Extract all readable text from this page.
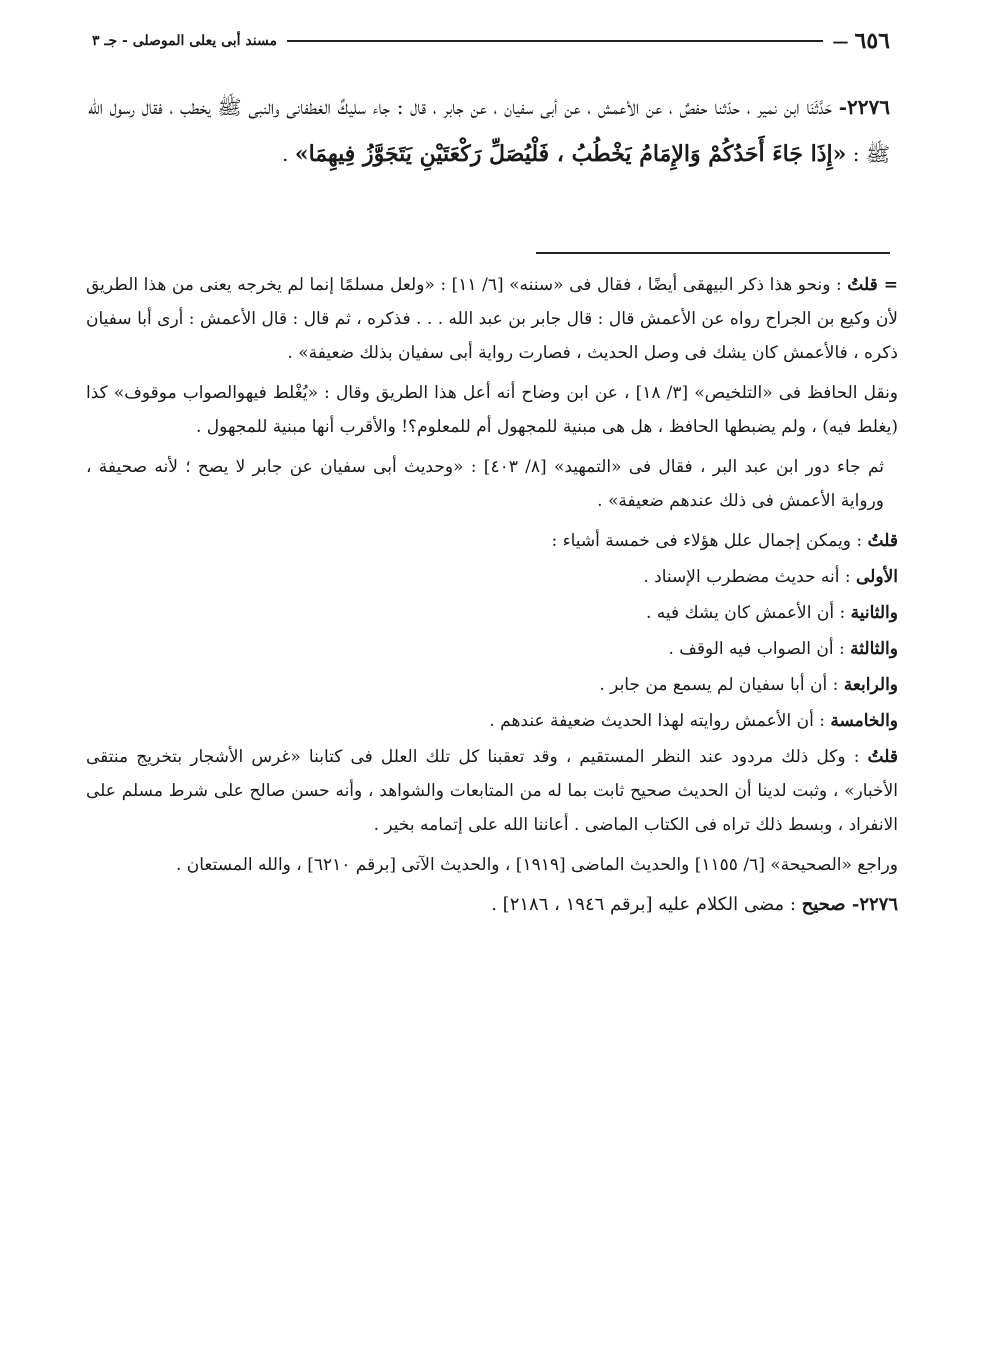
٦٥٦
—
مسند أبى يعلى الموصلى - جـ ٣

٢٢٧٦- حَدَّثَنَا ابن نمير ، حدّثنا حفصٌ ، عن الأعمش ، عن أبى سفيان ، عن جابر ، قال : جاء سليكٌ الغطفانى والنبى ﷺ يخطب ، فقال رسول الله ﷺ : «إِذَا جَاءَ أَحَدُكُمْ وَالإِمَامُ يَخْطُبُ ، فَلْيُصَلِّ رَكْعَتَيْنِ يَتَجَوَّزُ فِيهِمَا» .

=قلتُ : ونحو هذا ذكر البيهقى أيضًا ، فقال فى «سننه» [٦/ ١١] : «ولعل مسلمًا إنما لم يخرجه يعنى من هذا الطريق لأن وكيع بن الجراح رواه عن الأعمش قال : قال جابر بن عبد الله . . . فذكره ، ثم قال : قال الأعمش : أرى أبا سفيان ذكره ، فالأعمش كان يشك فى وصل الحديث ، فصارت رواية أبى سفيان بذلك ضعيفة» .

ونقل الحافظ فى «التلخيص» [٣/ ١٨] ، عن ابن وضاح أنه أعل هذا الطريق وقال : «يُغْلط فيهوالصواب موقوف» كذا (يغلط فيه) ، ولم يضبطها الحافظ ، هل هى مبنية للمجهول أم للمعلوم؟! والأقرب أنها مبنية للمجهول .

ثم جاء دور ابن عبد البر ، فقال فى «التمهيد» [٨/ ٤٠٣] : «وحديث أبى سفيان عن جابر لا يصح ؛ لأنه صحيفة ، ورواية الأعمش فى ذلك عندهم ضعيفة» .

قلتُ : ويمكن إجمال علل هؤلاء فى خمسة أشياء :

الأولى : أنه حديث مضطرب الإسناد .

والثانية : أن الأعمش كان يشك فيه .

والثالثة : أن الصواب فيه الوقف .

والرابعة : أن أبا سفيان لم يسمع من جابر .

والخامسة : أن الأعمش روايته لهذا الحديث ضعيفة عندهم .

قلتُ : وكل ذلك مردود عند النظر المستقيم ، وقد تعقبنا كل تلك العلل فى كتابنا «غرس الأشجار بتخريج منتقى الأخبار» ، وثبت لدينا أن الحديث صحيح ثابت بما له من المتابعات والشواهد ، وأنه حسن صالح على شرط مسلم على الانفراد ، وبسط ذلك تراه فى الكتاب الماضى . أعاننا الله على إتمامه بخير .

وراجع «الصحيحة» [٦/ ١١٥٥] والحديث الماضى [١٩١٩] ، والحديث الآتى [برقم ٦٢١٠] ، والله المستعان .

٢٢٧٦- صحيح : مضى الكلام عليه [برقم ١٩٤٦ ، ٢١٨٦] .
